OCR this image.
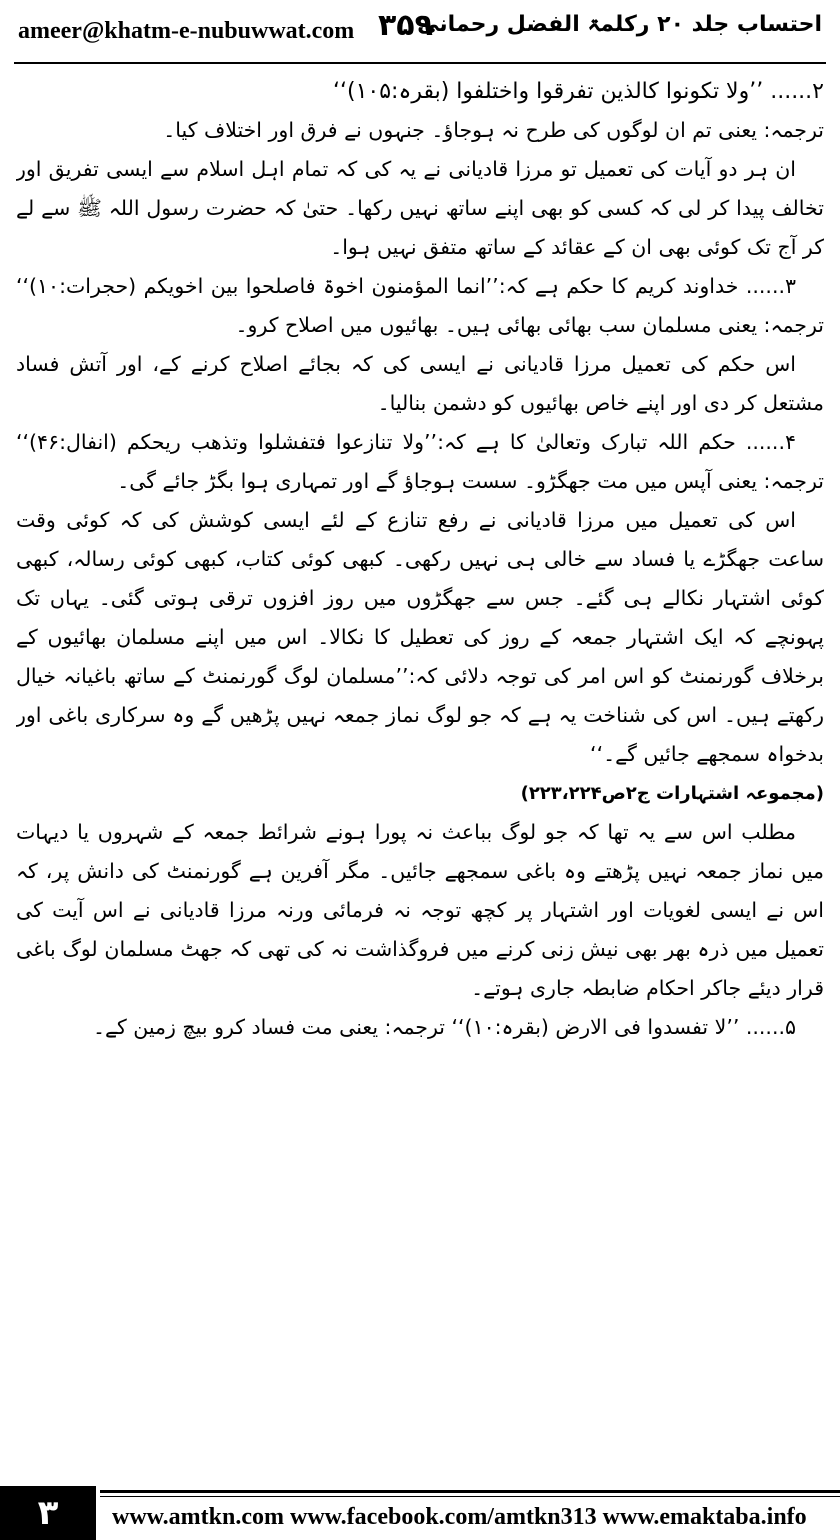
ameer@khatm-e-nubuwwat.com ۳۵۹
احتساب جلد ۲۰ رکلمۃ الفضل رحمانی

۲...... ’’ولا تکونوا کالذین تفرقوا واختلفوا (بقرہ:۱۰۵)‘‘

ترجمہ: یعنی تم ان لوگوں کی طرح نہ ہوجاؤ۔ جنہوں نے فرق اور اختلاف کیا۔

ان ہر دو آیات کی تعمیل تو مرزا قادیانی نے یہ کی کہ تمام اہل اسلام سے ایسی تفریق اور تخالف پیدا کر لی کہ کسی کو بھی اپنے ساتھ نہیں رکھا۔ حتیٰ کہ حضرت رسول اللہ ﷺ سے لے کر آج تک کوئی بھی ان کے عقائد کے ساتھ متفق نہیں ہوا۔

۳...... خداوند کریم کا حکم ہے کہ:’’انما المؤمنون اخوۃ فاصلحوا بین اخویکم (حجرات:۱۰)‘‘ ترجمہ: یعنی مسلمان سب بھائی بھائی ہیں۔ بھائیوں میں اصلاح کرو۔

اس حکم کی تعمیل مرزا قادیانی نے ایسی کی کہ بجائے اصلاح کرنے کے، اور آتش فساد مشتعل کر دی اور اپنے خاص بھائیوں کو دشمن بنالیا۔

۴...... حکم اللہ تبارک وتعالیٰ کا ہے کہ:’’ولا تنازعوا فتفشلوا وتذهب ریحکم (انفال:۴۶)‘‘ ترجمہ: یعنی آپس میں مت جھگڑو۔ سست ہوجاؤ گے اور تمہاری ہوا بگڑ جائے گی۔

اس کی تعمیل میں مرزا قادیانی نے رفع تنازع کے لئے ایسی کوشش کی کہ کوئی وقت ساعت جھگڑے یا فساد سے خالی ہی نہیں رکھی۔ کبھی کوئی کتاب، کبھی کوئی رسالہ، کبھی کوئی اشتہار نکالے ہی گئے۔ جس سے جھگڑوں میں روز افزوں ترقی ہوتی گئی۔ یہاں تک پہونچے کہ ایک اشتہار جمعہ کے روز کی تعطیل کا نکالا۔ اس میں اپنے مسلمان بھائیوں کے برخلاف گورنمنٹ کو اس امر کی توجہ دلائی کہ:’’مسلمان لوگ گورنمنٹ کے ساتھ باغیانہ خیال رکھتے ہیں۔ اس کی شناخت یہ ہے کہ جو لوگ نماز جمعہ نہیں پڑھیں گے وہ سرکاری باغی اور بدخواہ سمجھے جائیں گے۔‘‘

(مجموعہ اشتہارات ج۲ص۲۲۳،۲۲۴)

مطلب اس سے یہ تھا کہ جو لوگ بباعث نہ پورا ہونے شرائط جمعہ کے شہروں یا دیہات میں نماز جمعہ نہیں پڑھتے وہ باغی سمجھے جائیں۔ مگر آفرین ہے گورنمنٹ کی دانش پر، کہ اس نے ایسی لغویات اور اشتہار پر کچھ توجہ نہ فرمائی ورنہ مرزا قادیانی نے اس آیت کی تعمیل میں ذرہ بھر بھی نیش زنی کرنے میں فروگذاشت نہ کی تھی کہ جھٹ مسلمان لوگ باغی قرار دیئے جاکر احکام ضابطہ جاری ہوتے۔

۵...... ’’لا تفسدوا فی الارض (بقرہ:۱۰)‘‘ ترجمہ: یعنی مت فساد کرو بیچ زمین کے۔

۳	www.amtkn.com www.facebook.com/amtkn313 www.emaktaba.info
